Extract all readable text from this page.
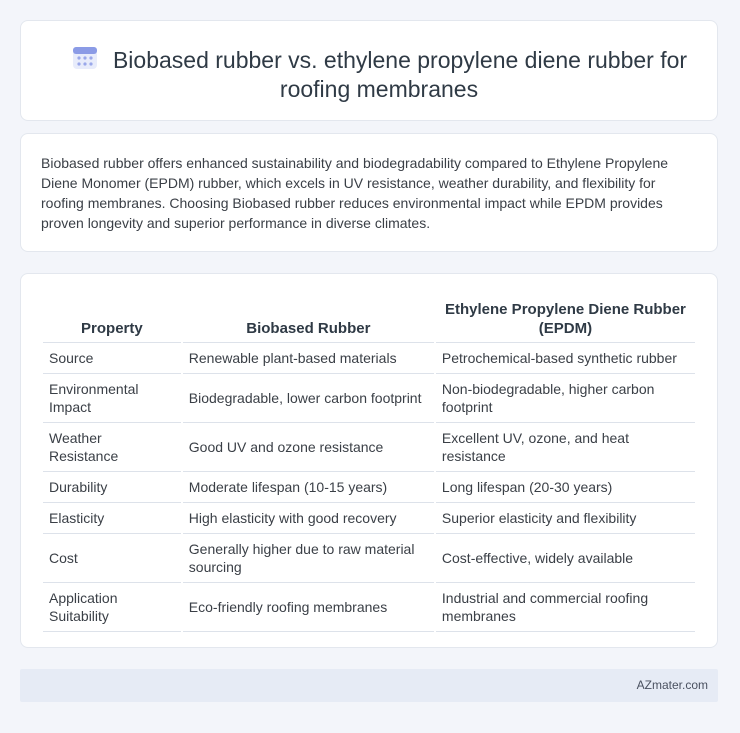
Biobased rubber vs. ethylene propylene diene rubber for roofing membranes
Biobased rubber offers enhanced sustainability and biodegradability compared to Ethylene Propylene Diene Monomer (EPDM) rubber, which excels in UV resistance, weather durability, and flexibility for roofing membranes. Choosing Biobased rubber reduces environmental impact while EPDM provides proven longevity and superior performance in diverse climates.
Property	Biobased Rubber	Ethylene Propylene Diene Rubber (EPDM)
Source	Renewable plant-based materials	Petrochemical-based synthetic rubber
Environmental Impact	Biodegradable, lower carbon footprint	Non-biodegradable, higher carbon footprint
Weather Resistance	Good UV and ozone resistance	Excellent UV, ozone, and heat resistance
Durability	Moderate lifespan (10-15 years)	Long lifespan (20-30 years)
Elasticity	High elasticity with good recovery	Superior elasticity and flexibility
Cost	Generally higher due to raw material sourcing	Cost-effective, widely available
Application Suitability	Eco-friendly roofing membranes	Industrial and commercial roofing membranes
AZmater.com
